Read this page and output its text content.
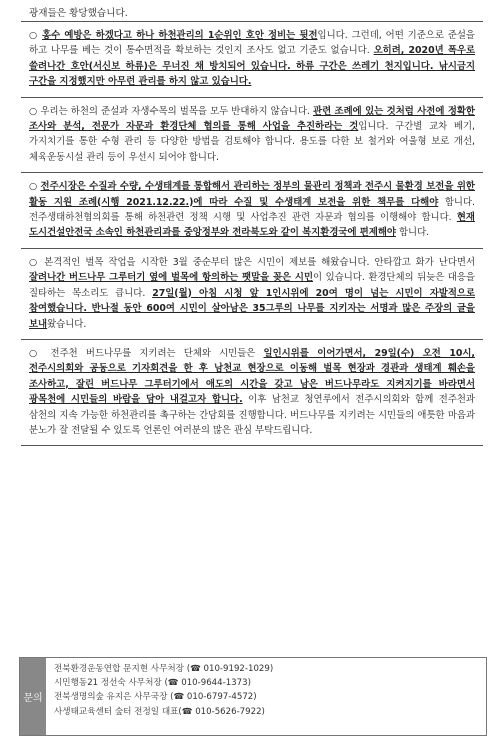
광재들은 황당했습니다.

○ 홍수 예방은 하겠다고 하나 하천관리의 1순위인 호안 정비는 뒷전입니다. 그런데, 어떤 기준으로 준설을 하고 나무를 베는 것이 통수면적을 확보하는 것인지 조사도 없고 기준도 없습니다. 오히려, 2020년 폭우로 쓸려나간 호안(서신보 하류)은 무너진 채 방치되어 있습니다. 하류 구간은 쓰레기 천지입니다. 낚시금지 구간을 지정했지만 아무런 관리를 하지 않고 있습니다.

○ 우리는 하천의 준설과 자생수목의 벌목을 모두 반대하지 않습니다. 관련 조례에 있는 것처럼 사전에 정확한 조사와 분석, 전문가 자문과 환경단체 협의를 통해 사업을 추진하라는 것입니다. 구간별 교차 베기, 가지치기를 통한 수형 관리 등 다양한 방법을 검토해야 합니다. 용도를 다한 보 철거와 여울형 보로 개선, 체육운동시설 관리 등이 우선시 되어야 합니다.

○ 전주시장은 수질과 수량, 수생태계를 통합해서 관리하는 정부의 물관리 정책과 전주시 물환경 보전을 위한 활동 지원 조례(시행 2021.12.22.)에 따라 수질 및 수생태계 보전을 위한 책무를 다해야 합니다. 전주생태하천협의회를 통해 하천관련 정책 시행 및 사업추진 관련 자문과 협의를 이행해야 합니다. 현재 도시건설안전국 소속인 하천관리과를 중앙정부와 전라북도와 같이 복지환경국에 편제해야 합니다.

○ 본격적인 벌목 작업을 시작한 3월 중순부터 많은 시민이 제보를 해왔습니다. 안타깝고 화가 난다면서 잘려나간 버드나무 그루터기 옆에 벌목에 항의하는 팻말을 꽂은 시민이 있습니다. 환경단체의 뒤늦은 대응을 질타하는 목소리도 큽니다. 27일(월) 아침 시청 앞 1인시위에 20여 명이 넘는 시민이 자발적으로 참여했습니다. 반나절 동안 600여 시민이 살아남은 35그루의 나무를 지키자는 서명과 많은 주장의 글을 보내왔습니다.

○ 전주천 버드나무를 지키려는 단체와 시민들은 일인시위를 이어가면서, 29일(수) 오전 10시, 전주시의회와 공동으로 기자회견을 한 후 남천교 현장으로 이동해 벌목 현장과 경관과 생태계 훼손을 조사하고, 잘린 버드나무 그루터기에서 애도의 시간을 갖고 남은 버드나무라도 지켜지기를 바라면서 광목천에 시민들의 바람을 담아 내걸고자 합니다. 이후 남천교 청연루에서 전주시의회와 함께 전주천과 삼천의 지속 가능한 하천관리를 촉구하는 간담회를 진행합니다. 버드나무를 지키려는 시민들의 애틋한 마음과 분노가 잘 전달될 수 있도록 언론인 여러분의 많은 관심 부탁드립니다.

문의
전북환경운동연합 문지현 사무처장 (☎ 010-9192-1029)
시민행동21 정선숙 사무처장 (☎ 010-9644-1373)
전북생명의숲 유지은 사무국장 (☎ 010-6797-4572)
사생태교육센터 숲터 전정일 대표(☎ 010-5626-7922)
